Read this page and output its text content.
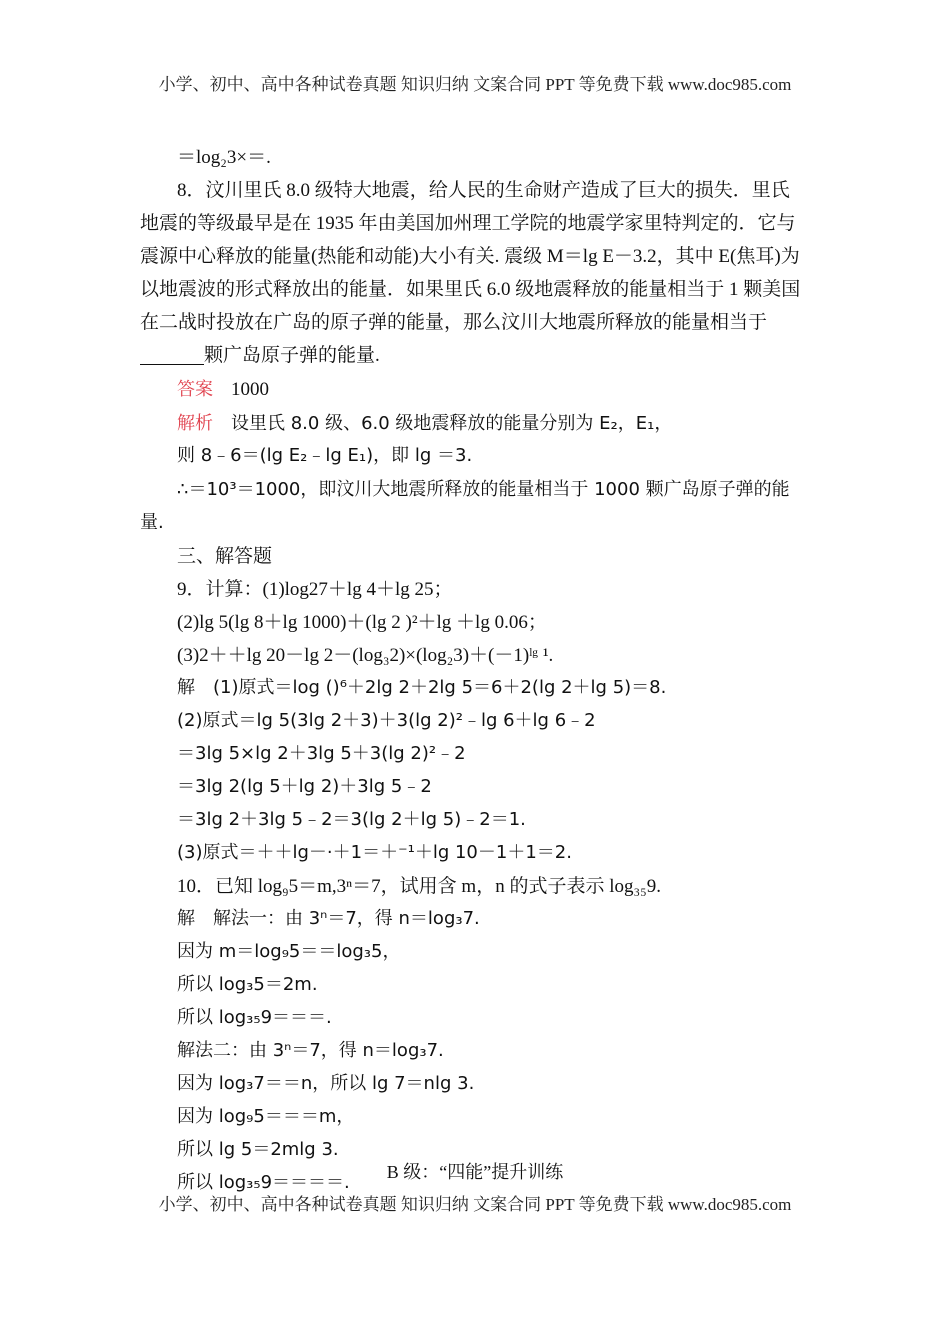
小学、初中、高中各种试卷真题 知识归纳 文案合同 PPT 等免费下载 www.doc985.com
＝log₂3×＝.
8．汶川里氏 8.0 级特大地震，给人民的生命财产造成了巨大的损失．里氏
地震的等级最早是在 1935 年由美国加州理工学院的地震学家里特判定的．它与
震源中心释放的能量(热能和动能)大小有关. 震级 M＝lg E－3.2，其中 E(焦耳)为
以地震波的形式释放出的能量．如果里氏 6.0 级地震释放的能量相当于 1 颗美国
在二战时投放在广岛的原子弹的能量，那么汶川大地震所释放的能量相当于
颗广岛原子弹的能量.
答案 1000
解析 设里氏 8.0 级、6.0 级地震释放的能量分别为 E₂，E₁，
则 8﹣6＝(lg E₂﹣lg E₁)，即 lg ＝3.
∴＝10³＝1000，即汶川大地震所释放的能量相当于 1000 颗广岛原子弹的能
量.
三、解答题
9．计算：(1)log27＋lg 4＋lg 25；
(2)lg 5(lg 8＋lg 1000)＋(lg 2 )²＋lg ＋lg 0.06；
(3)2＋＋lg 20－lg 2－(log₃2)×(log₂3)＋(－1)ˡᵍ ¹.
解　(1)原式＝log ()⁶＋2lg 2＋2lg 5＝6＋2(lg 2＋lg 5)＝8.
(2)原式＝lg 5(3lg 2＋3)＋3(lg 2)²﹣lg 6＋lg 6﹣2
＝3lg 5×lg 2＋3lg 5＋3(lg 2)²﹣2
＝3lg 2(lg 5＋lg 2)＋3lg 5﹣2
＝3lg 2＋3lg 5﹣2＝3(lg 2＋lg 5)﹣2＝1.
(3)原式＝＋＋lg－·＋1＝＋⁻¹＋lg 10－1＋1＝2.
10．已知 log₉5＝m,3ⁿ＝7，试用含 m，n 的式子表示 log₃₅9.
解　解法一：由 3ⁿ＝7，得 n＝log₃7.
因为 m＝log₉5＝＝log₃5，
所以 log₃5＝2m.
所以 log₃₅9＝＝＝.
解法二：由 3ⁿ＝7，得 n＝log₃7.
因为 log₃7＝＝n，所以 lg 7＝nlg 3.
因为 log₉5＝＝＝m，
所以 lg 5＝2mlg 3.
所以 log₃₅9＝＝＝＝.	B 级：“四能”提升训练
小学、初中、高中各种试卷真题 知识归纳 文案合同 PPT 等免费下载 www.doc985.com
